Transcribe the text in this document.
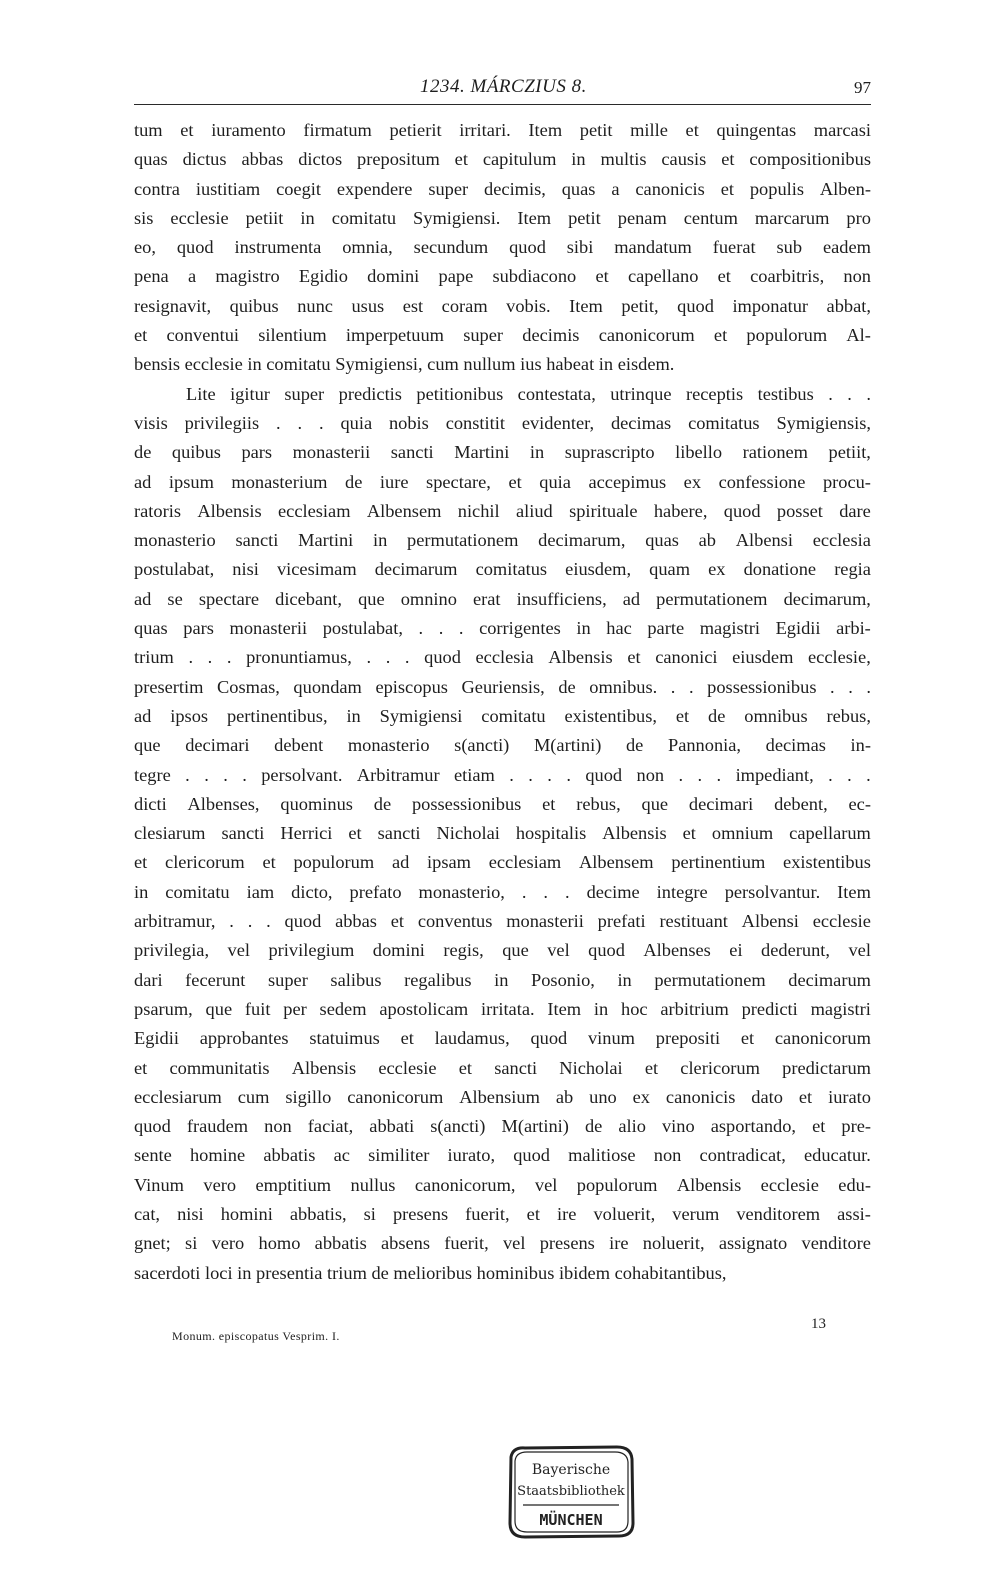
1234. MÁRCZIUS 8.	97
tum et iuramento firmatum petierit irritari. Item petit mille et quingentas marcasi
quas dictus abbas dictos prepositum et capitulum in multis causis et compositionibus
contra iustitiam coegit expendere super decimis, quas a canonicis et populis Alben-
sis ecclesie petiit in comitatu Symigiensi. Item petit penam centum marcarum pro
eo, quod instrumenta omnia, secundum quod sibi mandatum fuerat sub eadem
pena a magistro Egidio domini pape subdiacono et capellano et coarbitris, non
resignavit, quibus nunc usus est coram vobis. Item petit, quod imponatur abbat,
et conventui silentium imperpetuum super decimis canonicorum et populorum Al-
bensis ecclesie in comitatu Symigiensi, cum nullum ius habeat in eisdem.
Lite igitur super predictis petitionibus contestata, utrinque receptis testibus . . .
visis privilegiis . . . quia nobis constitit evidenter, decimas comitatus Symigiensis,
de quibus pars monasterii sancti Martini in suprascripto libello rationem petiit,
ad ipsum monasterium de iure spectare, et quia accepimus ex confessione procu-
ratoris Albensis ecclesiam Albensem nichil aliud spirituale habere, quod posset dare
monasterio sancti Martini in permutationem decimarum, quas ab Albensi ecclesia
postulabat, nisi vicesimam decimarum comitatus eiusdem, quam ex donatione regia
ad se spectare dicebant, que omnino erat insufficiens, ad permutationem decimarum,
quas pars monasterii postulabat, . . . corrigentes in hac parte magistri Egidii arbi-
trium . . . pronuntiamus, . . . quod ecclesia Albensis et canonici eiusdem ecclesie,
presertim Cosmas, quondam episcopus Geuriensis, de omnibus. . . possessionibus . . .
ad ipsos pertinentibus, in Symigiensi comitatu existentibus, et de omnibus rebus,
que decimari debent monasterio s(ancti) M(artini) de Pannonia, decimas in-
tegre . . . . persolvant. Arbitramur etiam . . . . quod non . . . impediant, . . .
dicti Albenses, quominus de possessionibus et rebus, que decimari debent, ec-
clesiarum sancti Herrici et sancti Nicholai hospitalis Albensis et omnium capellarum
et clericorum et populorum ad ipsam ecclesiam Albensem pertinentium existentibus
in comitatu iam dicto, prefato monasterio, . . . decime integre persolvantur. Item
arbitramur, . . . quod abbas et conventus monasterii prefati restituant Albensi ecclesie
privilegia, vel privilegium domini regis, que vel quod Albenses ei dederunt, vel
dari fecerunt super salibus regalibus in Posonio, in permutationem decimarum
psarum, que fuit per sedem apostolicam irritata. Item in hoc arbitrium predicti magistri
Egidii approbantes statuimus et laudamus, quod vinum prepositi et canonicorum
et communitatis Albensis ecclesie et sancti Nicholai et clericorum predictarum
ecclesiarum cum sigillo canonicorum Albensium ab uno ex canonicis dato et iurato
quod fraudem non faciat, abbati s(ancti) M(artini) de alio vino asportando, et pre-
sente homine abbatis ac similiter iurato, quod malitiose non contradicat, educatur.
Vinum vero emptitium nullus canonicorum, vel populorum Albensis ecclesie edu-
cat, nisi homini abbatis, si presens fuerit, et ire voluerit, verum venditorem assi-
gnet; si vero homo abbatis absens fuerit, vel presens ire noluerit, assignato venditore
sacerdoti loci in presentia trium de melioribus hominibus ibidem cohabitantibus,
Monum. episcopatus Vesprim. I.
13
Bayerische
Staatsbibliothek
MÜNCHEN
